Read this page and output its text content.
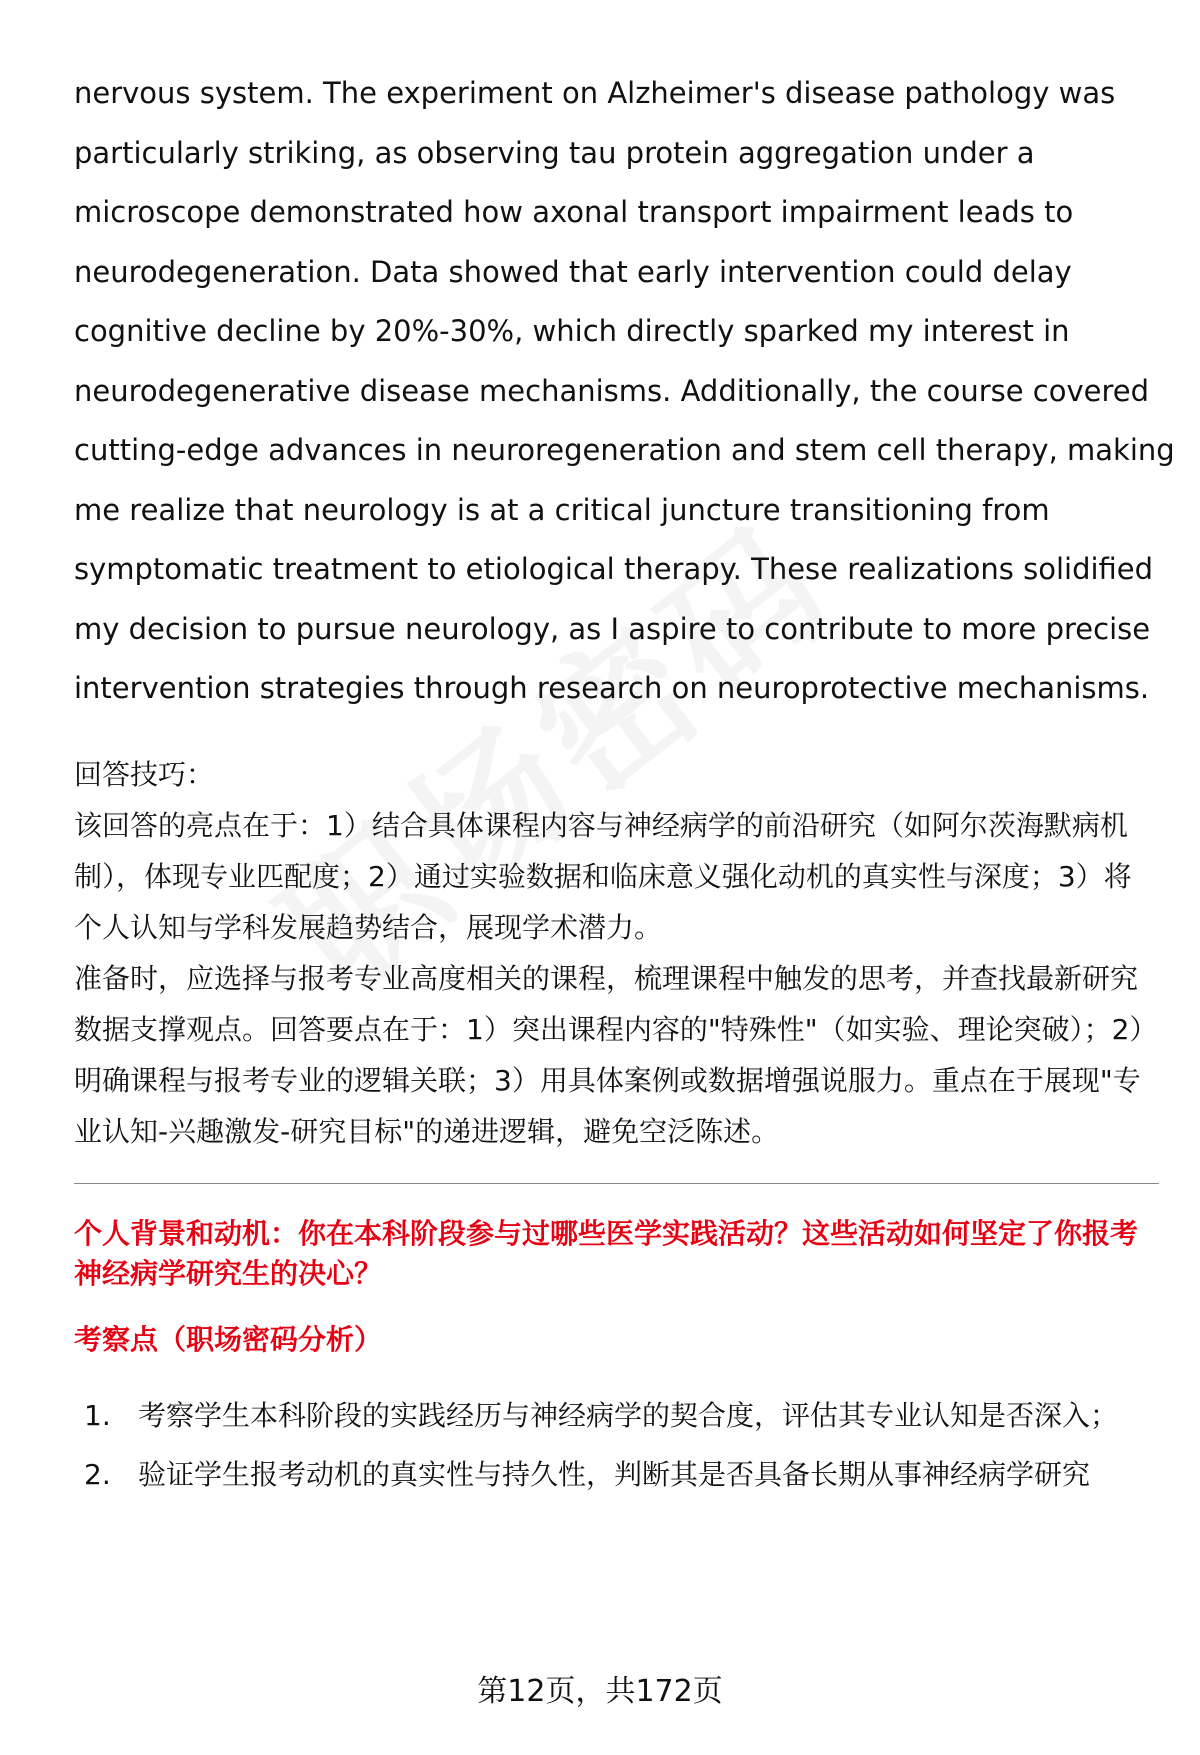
nervous system. The experiment on Alzheimer's disease pathology was

particularly striking, as observing tau protein aggregation under a

microscope demonstrated how axonal transport impairment leads to

neurodegeneration. Data showed that early intervention could delay

cognitive decline by 20%-30%, which directly sparked my interest in

neurodegenerative disease mechanisms. Additionally, the course covered

cutting-edge advances in neuroregeneration and stem cell therapy, making

me realize that neurology is at a critical juncture transitioning from

symptomatic treatment to etiological therapy. These realizations solidified

my decision to pursue neurology, as I aspire to contribute to more precise

intervention strategies through research on neuroprotective mechanisms.

回答技巧：

该回答的亮点在于：1）结合具体课程内容与神经病学的前沿研究（如阿尔茨海默病机制），体现专业匹配度；2）通过实验数据和临床意义强化动机的真实性与深度；3）将个人认知与学科发展趋势结合，展现学术潜力。

准备时，应选择与报考专业高度相关的课程，梳理课程中触发的思考，并查找最新研究数据支撑观点。回答要点在于：1）突出课程内容的"特殊性"（如实验、理论突破）；2）明确课程与报考专业的逻辑关联；3）用具体案例或数据增强说服力。重点在于展现"专业认知-兴趣激发-研究目标"的递进逻辑，避免空泛陈述。

个人背景和动机：你在本科阶段参与过哪些医学实践活动？这些活动如何坚定了你报考神经病学研究生的决心？
考察点（职场密码分析）
1. 考察学生本科阶段的实践经历与神经病学的契合度，评估其专业认知是否深入；
2. 验证学生报考动机的真实性与持久性，判断其是否具备长期从事神经病学研究
第12页，共172页
